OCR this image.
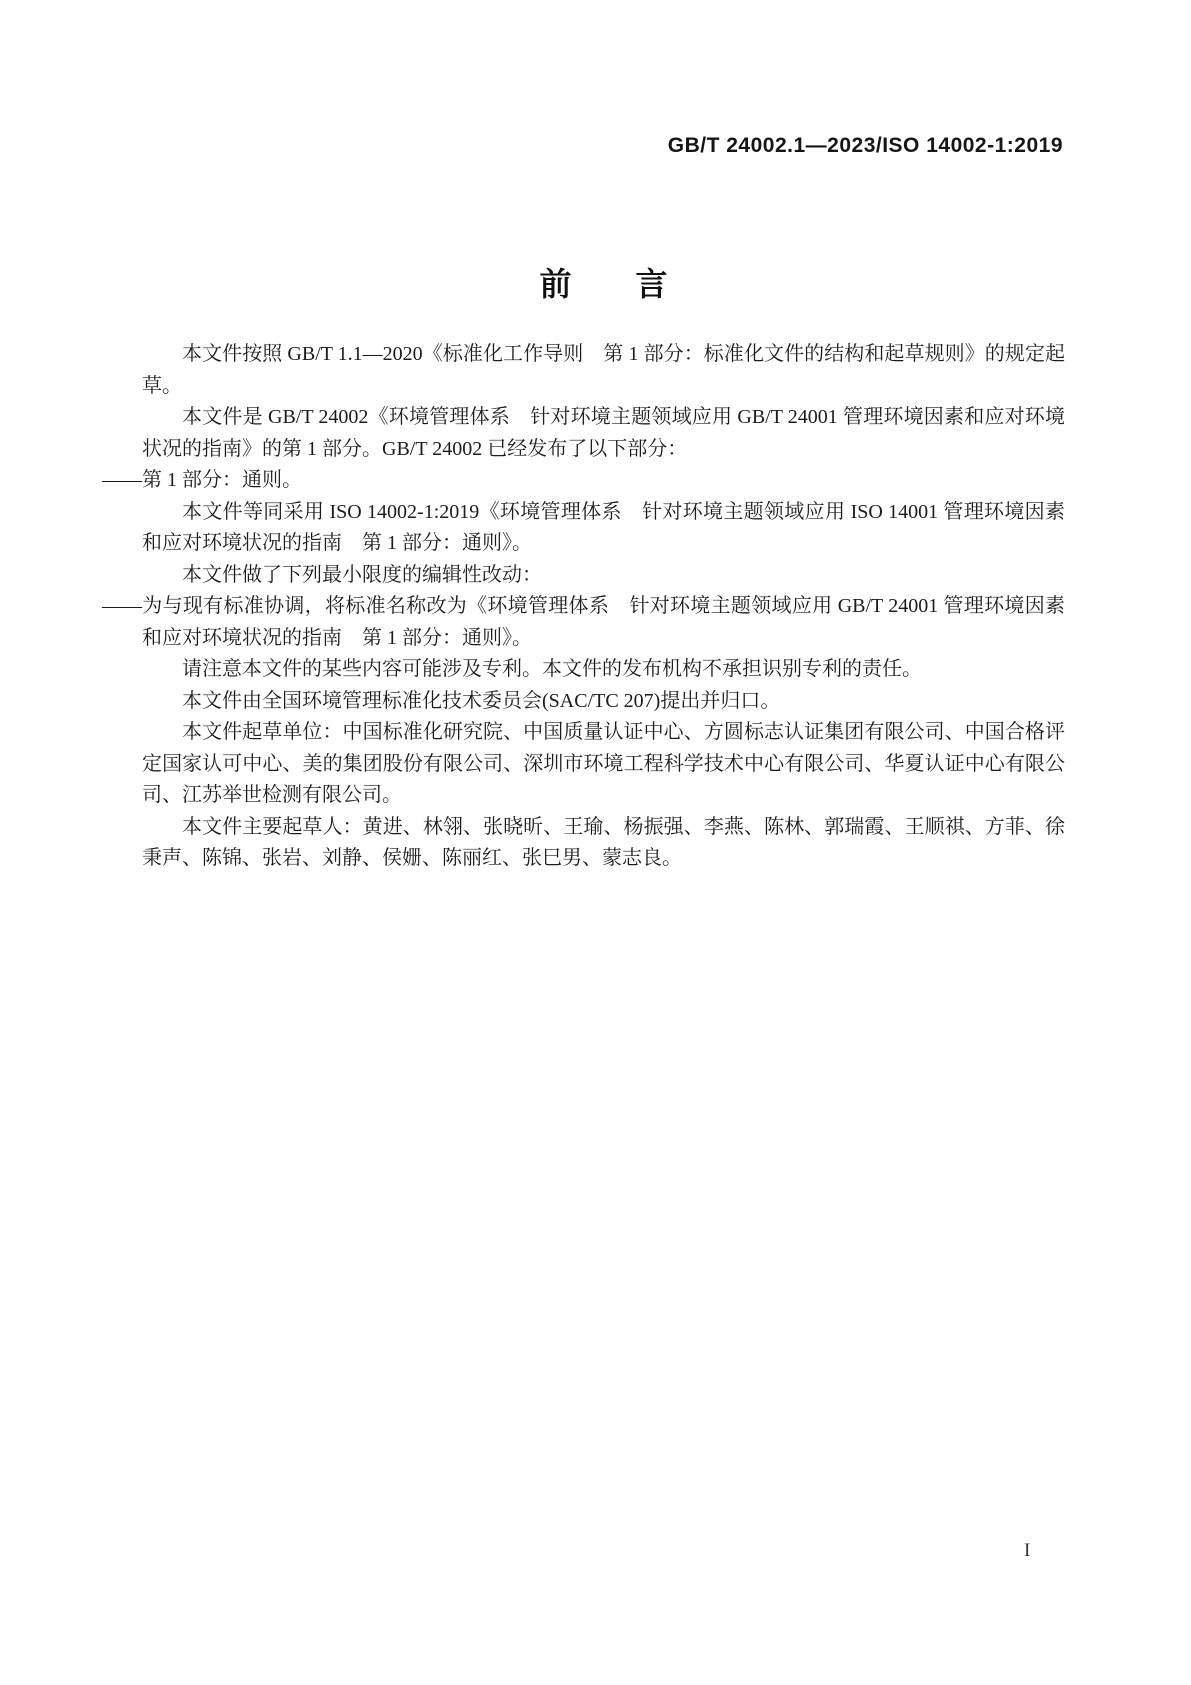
GB/T 24002.1—2023/ISO 14002-1:2019
前　　言

本文件按照 GB/T 1.1—2020《标准化工作导则　第 1 部分：标准化文件的结构和起草规则》的规定起草。

本文件是 GB/T 24002《环境管理体系　针对环境主题领域应用 GB/T 24001 管理环境因素和应对环境状况的指南》的第 1 部分。GB/T 24002 已经发布了以下部分：

——第 1 部分：通则。

本文件等同采用 ISO 14002-1:2019《环境管理体系　针对环境主题领域应用 ISO 14001 管理环境因素和应对环境状况的指南　第 1 部分：通则》。

本文件做了下列最小限度的编辑性改动：

——为与现有标准协调，将标准名称改为《环境管理体系　针对环境主题领域应用 GB/T 24001 管理环境因素和应对环境状况的指南　第 1 部分：通则》。

请注意本文件的某些内容可能涉及专利。本文件的发布机构不承担识别专利的责任。

本文件由全国环境管理标准化技术委员会(SAC/TC 207)提出并归口。

本文件起草单位：中国标准化研究院、中国质量认证中心、方圆标志认证集团有限公司、中国合格评定国家认可中心、美的集团股份有限公司、深圳市环境工程科学技术中心有限公司、华夏认证中心有限公司、江苏举世检测有限公司。

本文件主要起草人：黄进、林翎、张晓昕、王瑜、杨振强、李燕、陈林、郭瑞霞、王顺祺、方菲、徐秉声、陈锦、张岩、刘静、侯姗、陈丽红、张巳男、蒙志良。

I
